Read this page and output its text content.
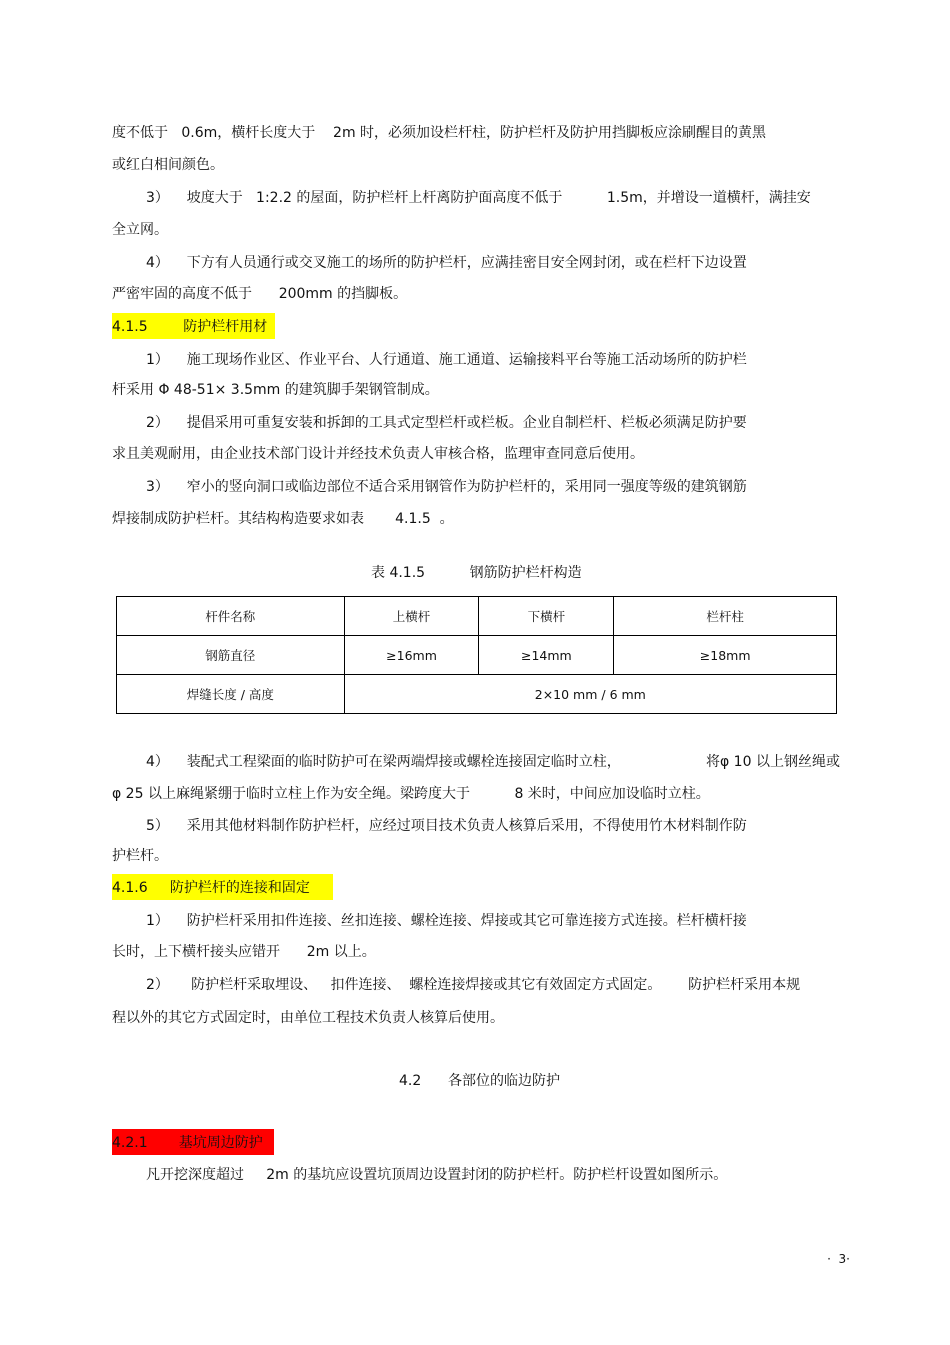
度不低于   0.6m，横杆长度大于    2m 时，必须加设栏杆柱，防护栏杆及防护用挡脚板应涂刷醒目的黄黑
或红白相间颜色。
3）    坡度大于   1:2.2 的屋面，防护栏杆上杆离防护面高度不低于          1.5m，并增设一道横杆，满挂安
全立网。
4）    下方有人员通行或交叉施工的场所的防护栏杆，应满挂密目安全网封闭，或在栏杆下边设置
严密牢固的高度不低于      200mm 的挡脚板。
4.1.5        防护栏杆用材
1）    施工现场作业区、作业平台、人行通道、施工通道、运输接料平台等施工活动场所的防护栏
杆采用 Φ 48-51× 3.5mm 的建筑脚手架钢管制成。
2）    提倡采用可重复安装和拆卸的工具式定型栏杆或栏板。企业自制栏杆、栏板必须满足防护要
求且美观耐用，由企业技术部门设计并经技术负责人审核合格，监理审查同意后使用。
3）    窄小的竖向洞口或临边部位不适合采用钢管作为防护栏杆的，采用同一强度等级的建筑钢筋
焊接制成防护栏杆。其结构构造要求如表       4.1.5  。
表 4.1.5          钢筋防护栏杆构造
杆件名称	上横杆	下横杆	栏杆柱
钢筋直径	≥16mm	≥14mm	≥18mm
焊缝长度 / 高度	2×10 mm / 6 mm		
4）    装配式工程梁面的临时防护可在梁两端焊接或螺栓连接固定临时立柱，	将φ 10 以上钢丝绳或
φ 25 以上麻绳紧绷于临时立柱上作为安全绳。梁跨度大于          8 米时，中间应加设临时立柱。
5）    采用其他材料制作防护栏杆，应经过项目技术负责人核算后采用，不得使用竹木材料制作防
护栏杆。
4.1.6     防护栏杆的连接和固定
1）    防护栏杆采用扣件连接、丝扣连接、螺栓连接、焊接或其它可靠连接方式连接。栏杆横杆接
长时，上下横杆接头应错开      2m 以上。
2）     防护栏杆采取埋设、   扣件连接、  螺栓连接焊接或其它有效固定方式固定。      防护栏杆采用本规
程以外的其它方式固定时，由单位工程技术负责人核算后使用。
4.2      各部位的临边防护
4.2.1       基坑周边防护
凡开挖深度超过     2m 的基坑应设置坑顶周边设置封闭的防护栏杆。防护栏杆设置如图所示。
·  3·
